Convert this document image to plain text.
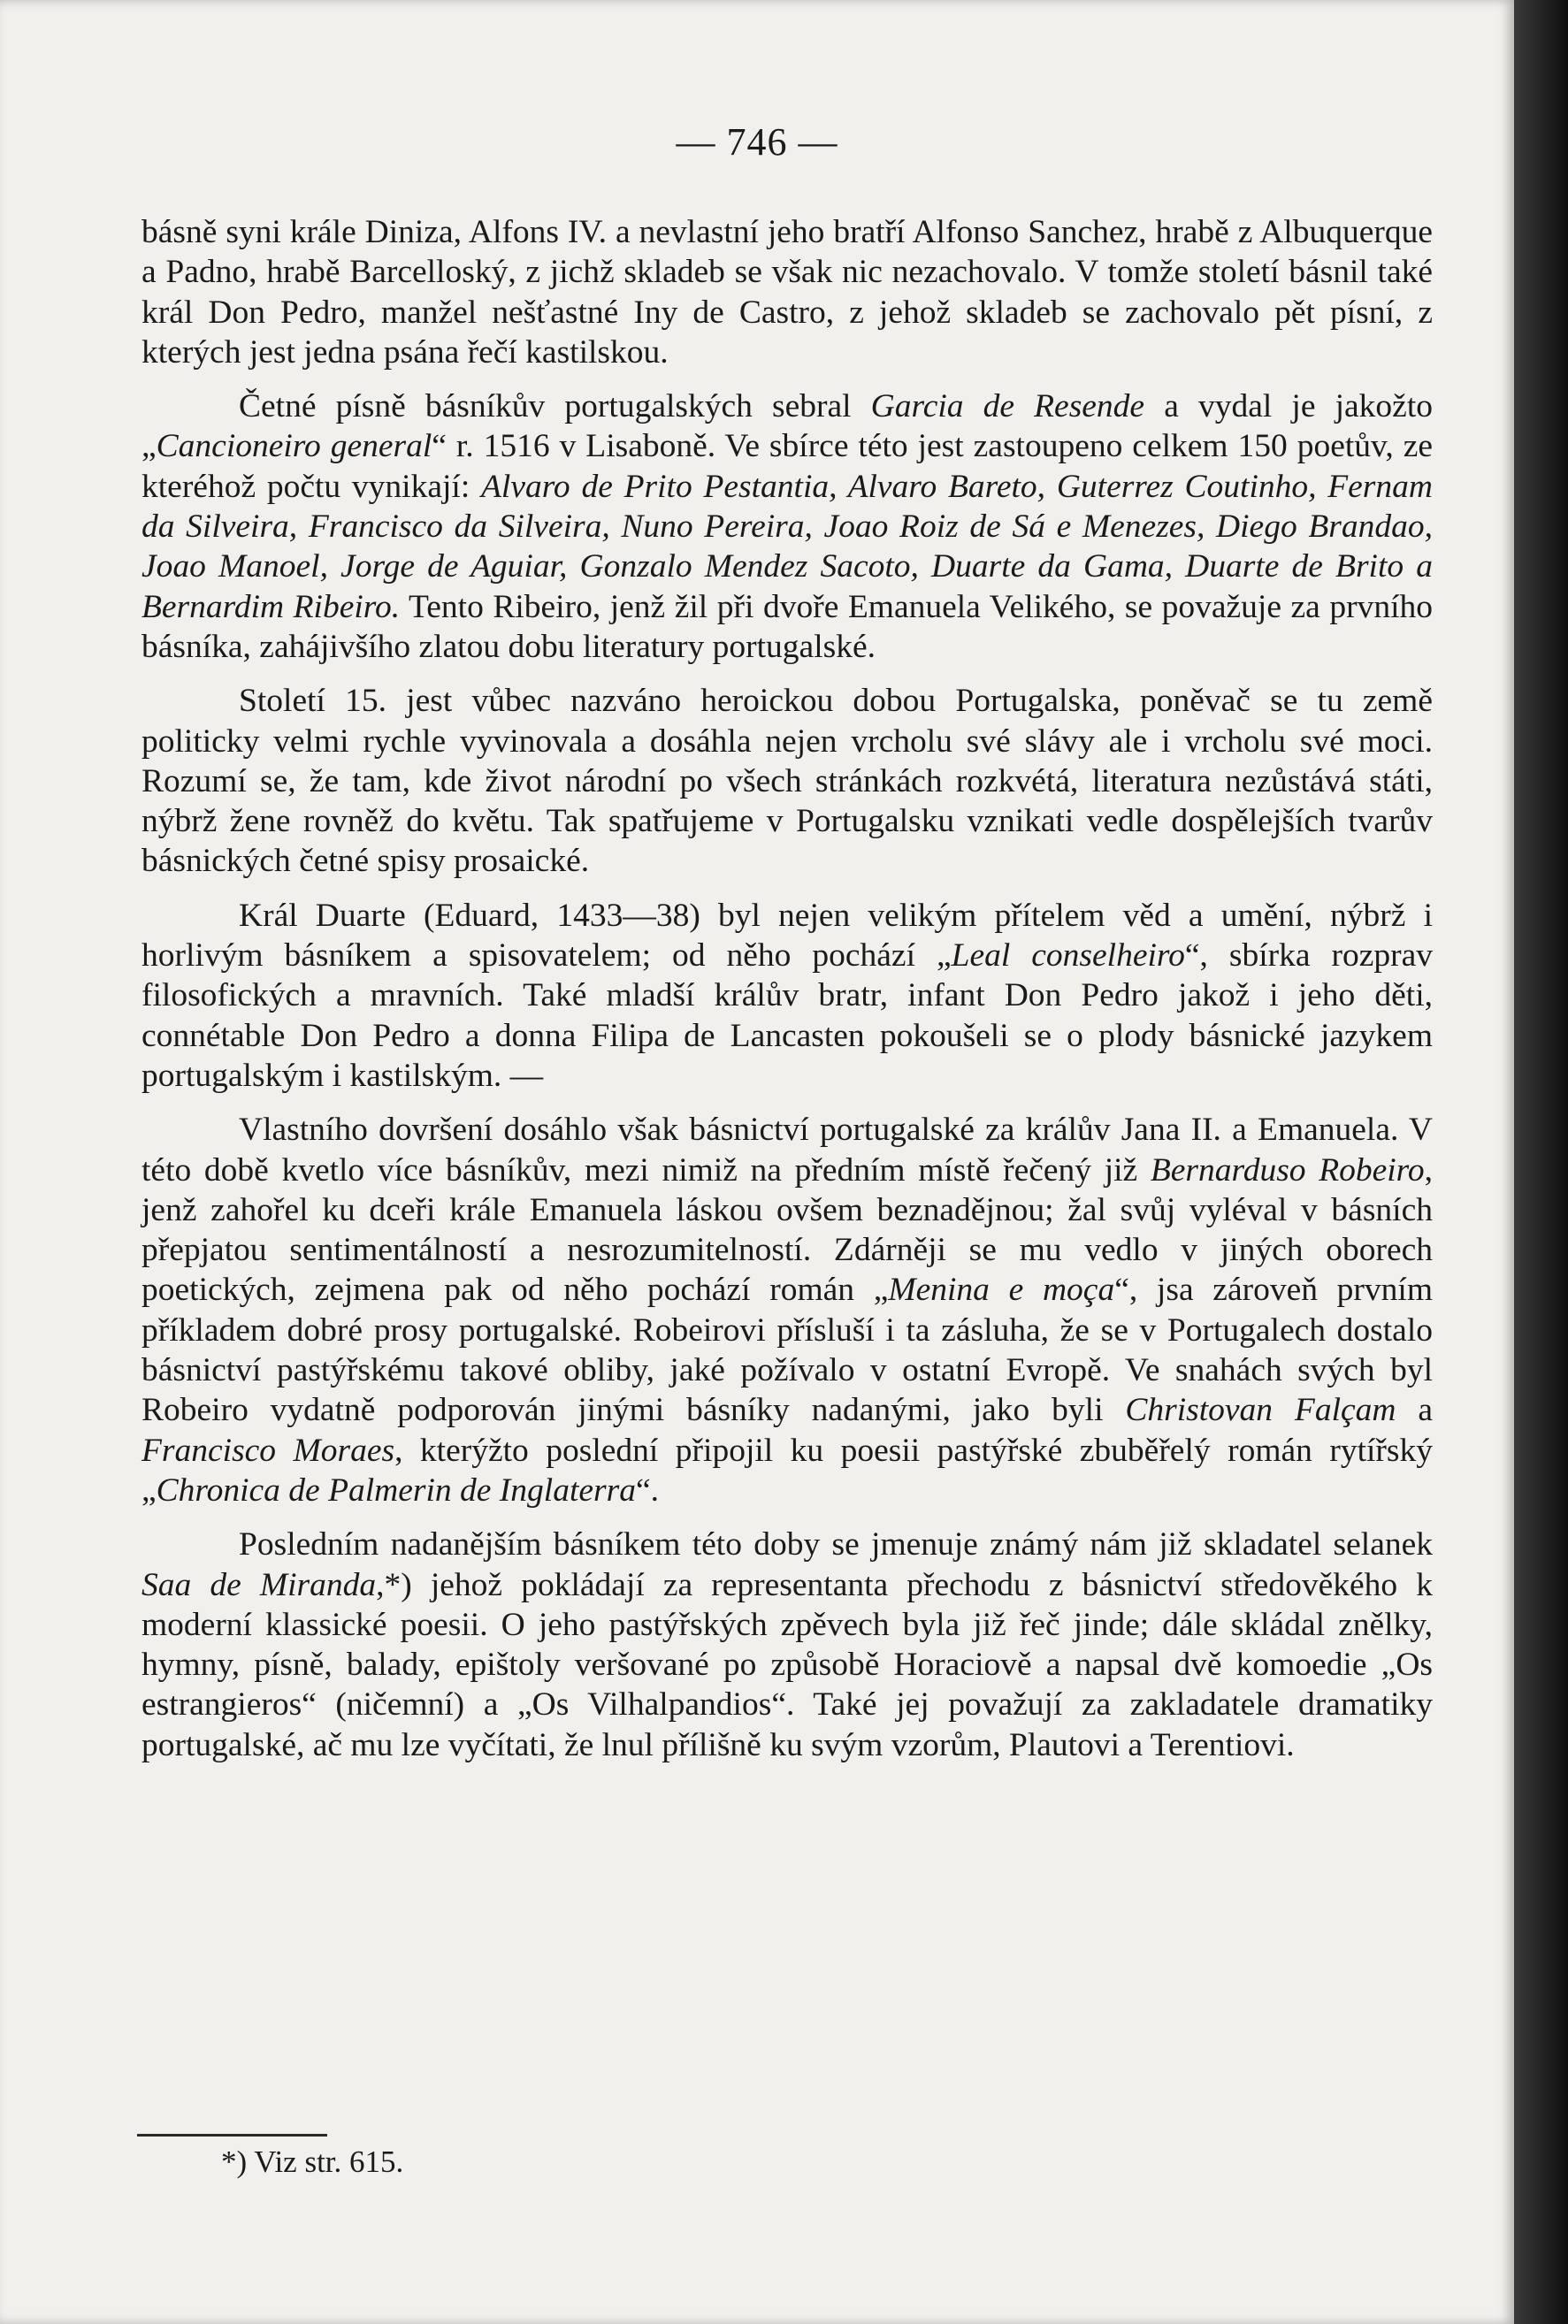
— 746 —

básně syni krále Diniza, Alfons IV. a nevlastní jeho bratří Alfonso Sanchez, hrabě z Albuquerque a Padno, hrabě Barcelloský, z jichž skladeb se však nic nezachovalo. V tomže století básnil také král Don Pedro, manžel nešťastné Iny de Castro, z jehož skladeb se zachovalo pět písní, z kterých jest jedna psána řečí kastilskou.

Četné písně básníkův portugalských sebral Garcia de Resende a vydal je jakožto „Cancioneiro general“ r. 1516 v Lisaboně. Ve sbírce této jest zastoupeno celkem 150 poetův, ze kteréhož počtu vynikají: Alvaro de Prito Pestantia, Alvaro Bareto, Guterrez Coutinho, Fernam da Silveira, Francisco da Silveira, Nuno Pereira, Joao Roiz de Sá e Menezes, Diego Brandao, Joao Manoel, Jorge de Aguiar, Gonzalo Mendez Sacoto, Duarte da Gama, Duarte de Brito a Bernardim Ribeiro. Tento Ribeiro, jenž žil při dvoře Emanuela Velikého, se považuje za prvního básníka, zahájivšího zlatou dobu literatury portugalské.

Století 15. jest vůbec nazváno heroickou dobou Portugalska, poněvač se tu země politicky velmi rychle vyvinovala a dosáhla nejen vrcholu své slávy ale i vrcholu své moci. Rozumí se, že tam, kde život národní po všech stránkách rozkvétá, literatura nezůstává státi, nýbrž žene rovněž do květu. Tak spatřujeme v Portugalsku vznikati vedle dospělejších tvarův básnických četné spisy prosaické.

Král Duarte (Eduard, 1433—38) byl nejen velikým přítelem věd a umění, nýbrž i horlivým básníkem a spisovatelem; od něho pochází „Leal conselheiro“, sbírka rozprav filosofických a mravních. Také mladší králův bratr, infant Don Pedro jakož i jeho děti, connétable Don Pedro a donna Filipa de Lancasten pokoušeli se o plody básnické jazykem portugalským i kastilským. —

Vlastního dovršení dosáhlo však básnictví portugalské za králův Jana II. a Emanuela. V této době kvetlo více básníkův, mezi nimiž na předním místě řečený již Bernarduso Robeiro, jenž zahořel ku dceři krále Emanuela láskou ovšem beznadějnou; žal svůj vyléval v básních přepjatou sentimentálností a nesrozumitelností. Zdárněji se mu vedlo v jiných oborech poetických, zejmena pak od něho pochází román „Menina e moça“, jsa zároveň prvním příkladem dobré prosy portugalské. Robeirovi přísluší i ta zásluha, že se v Portugalech dostalo básnictví pastýřskému takové obliby, jaké požívalo v ostatní Evropě. Ve snahách svých byl Robeiro vydatně podporován jinými básníky nadanými, jako byli Christovan Falçam a Francisco Moraes, kterýžto poslední připojil ku poesii pastýřské zbuběřelý román rytířský „Chronica de Palmerin de Inglaterra“.

Posledním nadanějším básníkem této doby se jmenuje známý nám již skladatel selanek Saa de Miranda,*) jehož pokládají za representanta přechodu z básnictví středověkého k moderní klassické poesii. O jeho pastýřských zpěvech byla již řeč jinde; dále skládal znělky, hymny, písně, balady, epištoly veršované po způsobě Horaciově a napsal dvě komoedie „Os estrangieros“ (ničemní) a „Os Vilhalpandios“. Také jej považují za zakladatele dramatiky portugalské, ač mu lze vyčítati, že lnul přílišně ku svým vzorům, Plautovi a Terentiovi.

*) Viz str. 615.
